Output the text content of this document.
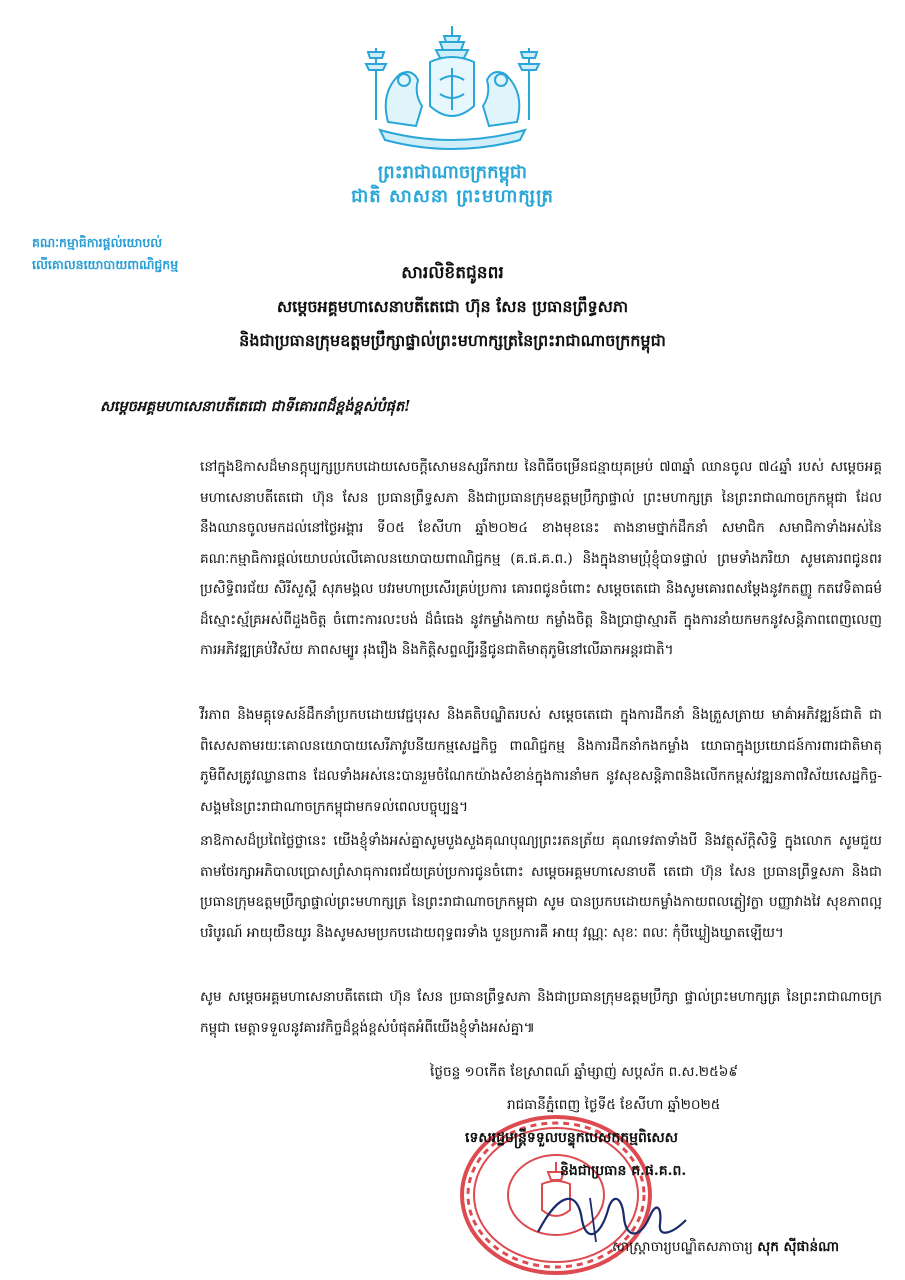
ព្រះរាជាណាចក្រកម្ពុជា
ជាតិ សាសនា ព្រះមហាក្សត្រ
គណៈកម្មាធិការផ្តល់យោបល់
លើគោលនយោបាយពាណិជ្ជកម្ម	សារលិខិតជូនពរ
សម្តេចអគ្គមហាសេនាបតីតេជោ ហ៊ុន សែន ប្រធានព្រឹទ្ធសភា
និងជាប្រធានក្រុមឧត្តមប្រឹក្សាផ្ទាល់ព្រះមហាក្សត្រនៃព្រះរាជាណាចក្រកម្ពុជា
សម្តេចអគ្គមហាសេនាបតីតេជោ ជាទីគោរពដ៏ខ្ពង់ខ្ពស់បំផុត!

នៅក្នុងឱកាសដ៏មានក្តុប្បក្សប្រកបដោយសេចក្តីសោមនស្សរីករាយ នៃពិធីចម្រើនជន្មាយុគម្រប់ ៧៣ឆ្នាំ ឈានចូល ៧៤ឆ្នាំ របស់ សម្តេចអគ្គមហាសេនាបតីតេជោ ហ៊ុន សែន ប្រធានព្រឹទ្ធសភា និងជាប្រធានក្រុមឧត្តមប្រឹក្សាផ្ទាល់ ព្រះមហាក្សត្រ នៃព្រះរាជាណាចក្រកម្ពុជា ដែលនឹងឈានចូលមកដល់នៅថ្ងៃអង្គារ ទី០៥ ខែសីហា ឆ្នាំ២០២៤ ខាងមុខនេះ តាងនាមថ្នាក់ដឹកនាំ សមាជិក សមាជិកាទាំងអស់នៃគណៈកម្មាធិការផ្តល់យោបល់លើគោលនយោបាយពាណិជ្ជកម្ម (គ.ផ.គ.ព.) និងក្នុងនាមប្រុំខ្ញុំបាទផ្ទាល់ ព្រមទាំងភរិយា សូមគោរពជូនពរប្រសិទ្ធិពរជ័យ សិរីសួស្តី សុភមង្គល បវរមហាប្រសើរគ្រប់ប្រការ គោរពជូនចំពោះ សម្តេចតេជោ និងសូមគោរពសម្តែងនូវកតញ្ញូ កតវេទិតាធម៌ដ៏ស្មោះស្ម័គ្រអស់ពីដួងចិត្ត ចំពោះការលះបង់ ដ៏ធំធេង នូវកម្លាំងកាយ កម្លាំងចិត្ត និងប្រាជ្ញាស្មារតី ក្នុងការនាំយកមកនូវសន្តិភាពពេញលេញ ការអភិវឌ្ឍគ្រប់វិស័យ ភាពសម្បូរ រុងរឿង និងកិត្តិសព្ទល្បីរន្ទឺជូនជាតិមាតុភូមិនៅលើឆាកអន្តរជាតិ។

វីរភាព និងមគ្គុទេសន៍ដឹកនាំប្រកបដោយវេជ្ជបុរស និងគតិបណ្ឌិតរបស់ សម្តេចតេជោ ក្នុងការដឹកនាំ និងត្រួសត្រាយ មាគ៌ាអភិវឌ្ឍន៍ជាតិ ជាពិសេសតាមរយៈគោលនយោបាយសេរីភាវូបនីយកម្មសេដ្ឋកិច្ច ពាណិជ្ជកម្ម និងការដឹកនាំកងកម្លាំង យោធាក្នុងប្រយោជន៍ការពារជាតិមាតុភូមិពីសត្រូវឈ្លានពាន ដែលទាំងអស់នេះបានរួមចំណែកយ៉ាងសំខាន់ក្នុងការនាំមក នូវសុខសន្តិភាពនិងលើកកម្ពស់វឌ្ឍនភាពវិស័យសេដ្ឋកិច្ច-សង្គមនៃព្រះរាជាណាចក្រកម្ពុជាមកទល់ពេលបច្ចុប្បន្ន។

នាឱកាសដ៏ប្រពៃថ្លៃថ្លានេះ យើងខ្ញុំទាំងអស់គ្នាសូមបួងសួងគុណបុណ្យព្រះរតនត្រ័យ គុណទេវតាទាំងបី និងវត្ថុស័ក្តិសិទ្ធិ ក្នុងលោក សូមជួយតាមថែរក្សាអភិបាលប្រោសព្រំសាធុការពរជ័យគ្រប់ប្រការជូនចំពោះ សម្តេចអគ្គមហាសេនាបតី តេជោ ហ៊ុន សែន ប្រធានព្រឹទ្ធសភា និងជាប្រធានក្រុមឧត្តមប្រឹក្សាផ្ទាល់ព្រះមហាក្សត្រ នៃព្រះរាជាណាចក្រកម្ពុជា សូម បានប្រកបដោយកម្លាំងកាយពលភ្លៀវក្លា បញ្ញាវាងវៃ សុខភាពល្អបរិបូរណ៍ អាយុយឺនយូរ និងសូមសមប្រកបដោយពុទ្ធពរទាំង បួនប្រការគឺ អាយុ វណ្ណៈ សុខៈ ពលៈ កុំបីឃ្លៀងឃ្លាតឡើយ។

សូម សម្តេចអគ្គមហាសេនាបតីតេជោ ហ៊ុន សែន ប្រធានព្រឹទ្ធសភា និងជាប្រធានក្រុមឧត្តមប្រឹក្សា ផ្ទាល់ព្រះមហាក្សត្រ នៃព្រះរាជាណាចក្រកម្ពុជា មេត្តាទទួលនូវគារវកិច្ចដ៏ខ្ពង់ខ្ពស់បំផុតអំពីយើងខ្ញុំទាំងអស់គ្នា៕

ថ្ងៃចន្ទ ១០កើត ខែស្រាពណ៍ ឆ្នាំម្សាញ់ សប្តស័ក ព.ស.២៥៦៩
រាជធានីភ្នំពេញ ថ្ងៃទី៥ ខែសីហា ឆ្នាំ២០២៥
ទេសរដ្ឋមន្ត្រីទទួលបន្ទុកបេសកកម្មពិសេស
និងជាប្រធាន គ.ផ.គ.ព.
សាស្ត្រាចារ្យបណ្ឌិតសភាចារ្យ សុក ស៊ីផាន់ណា
